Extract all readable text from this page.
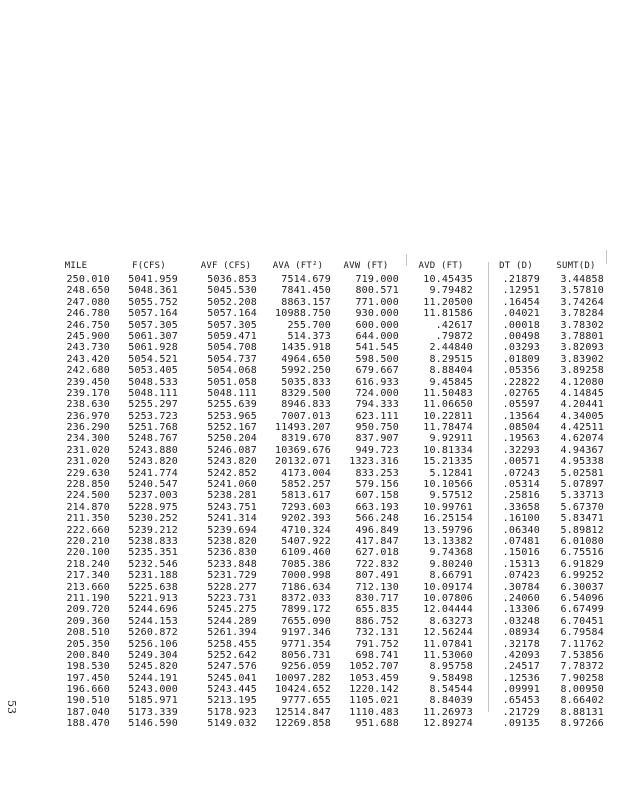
MILE	F(CFS)	AVF (CFS)	AVA (FT²)	AVW (FT)	AVD (FT)	DT (D)	SUMT(D)
250.010	5041.959	5036.853	7514.679	719.000	10.45435	.21879	3.44858
248.650	5048.361	5045.530	7841.450	800.571	9.79482	.12951	3.57810
247.080	5055.752	5052.208	8863.157	771.000	11.20500	.16454	3.74264
246.780	5057.164	5057.164	10988.750	930.000	11.81586	.04021	3.78284
246.750	5057.305	5057.305	255.700	600.000	.42617	.00018	3.78302
245.900	5061.307	5059.471	514.373	644.000	.79872	.00498	3.78801
243.730	5061.928	5054.708	1435.918	541.545	2.44840	.03293	3.82093
243.420	5054.521	5054.737	4964.650	598.500	8.29515	.01809	3.83902
242.680	5053.405	5054.068	5992.250	679.667	8.88404	.05356	3.89258
239.450	5048.533	5051.058	5035.833	616.933	9.45845	.22822	4.12080
239.170	5048.111	5048.111	8329.500	724.000	11.50483	.02765	4.14845
238.630	5255.297	5255.639	8946.833	794.333	11.06650	.05597	4.20441
236.970	5253.723	5253.965	7007.013	623.111	10.22811	.13564	4.34005
236.290	5251.768	5252.167	11493.207	950.750	11.78474	.08504	4.42511
234.300	5248.767	5250.204	8319.670	837.907	9.92911	.19563	4.62074
231.020	5243.880	5246.087	10369.676	949.723	10.81334	.32293	4.94367
231.020	5243.820	5243.820	20132.071	1323.316	15.21335	.00571	4.95338
229.630	5241.774	5242.852	4173.004	833.253	5.12841	.07243	5.02581
228.850	5240.547	5241.060	5852.257	579.156	10.10566	.05314	5.07897
224.500	5237.003	5238.281	5813.617	607.158	9.57512	.25816	5.33713
214.870	5228.975	5243.751	7293.603	663.193	10.99761	.33658	5.67370
211.350	5230.252	5241.314	9202.393	566.248	16.25154	.16100	5.83471
222.660	5239.212	5239.694	4710.324	496.849	13.59796	.06340	5.89812
220.210	5238.833	5238.820	5407.922	417.847	13.13382	.07481	6.01080
220.100	5235.351	5236.830	6109.460	627.018	9.74368	.15016	6.75516
218.240	5232.546	5233.848	7085.386	722.832	9.80240	.15313	6.91829
217.340	5231.188	5231.729	7000.998	807.491	8.66791	.07423	6.99252
213.660	5225.638	5228.277	7186.634	712.130	10.09174	.30784	6.30037
211.190	5221.913	5223.731	8372.033	830.717	10.07806	.24060	6.54096
209.720	5244.696	5245.275	7899.172	655.835	12.04444	.13306	6.67499
209.360	5244.153	5244.289	7655.090	886.752	8.63273	.03248	6.70451
208.510	5260.872	5261.394	9197.346	732.131	12.56244	.08934	6.79584
205.350	5256.106	5258.455	9771.354	791.752	11.07841	.32178	7.11762
200.840	5249.304	5252.642	8056.731	698.741	11.53060	.42093	7.53856
198.530	5245.820	5247.576	9256.059	1052.707	8.95758	.24517	7.78372
197.450	5244.191	5245.041	10097.282	1053.459	9.58498	.12536	7.90258
196.660	5243.000	5243.445	10424.652	1220.142	8.54544	.09991	8.00950
190.510	5185.971	5213.195	9777.655	1105.021	8.84039	.65453	8.66402
187.040	5173.339	5178.923	12514.847	1110.483	11.26973	.21729	8.88131
188.470	5146.590	5149.032	12269.858	951.688	12.89274	.09135	8.97266
53
